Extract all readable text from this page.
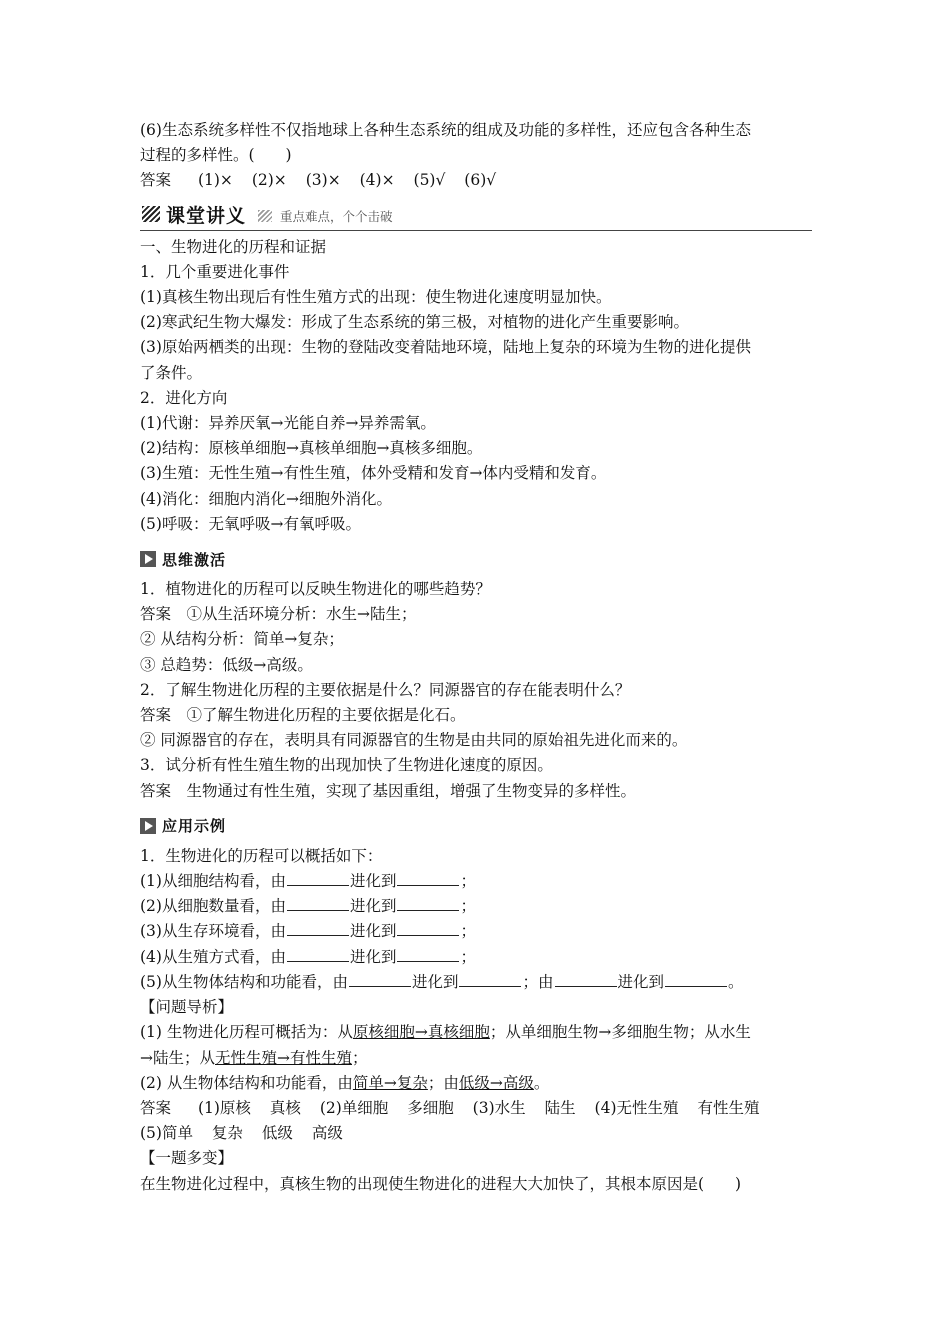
(6)生态系统多样性不仅指地球上各种生态系统的组成及功能的多样性，还应包含各种生态
过程的多样性。(　　)
答案 (1)× (2)× (3)× (4)× (5)√ (6)√
课堂讲义	重点难点，个个击破
一、生物进化的历程和证据
1．几个重要进化事件
(1)真核生物出现后有性生殖方式的出现：使生物进化速度明显加快。
(2)寒武纪生物大爆发：形成了生态系统的第三极，对植物的进化产生重要影响。
(3)原始两栖类的出现：生物的登陆改变着陆地环境，陆地上复杂的环境为生物的进化提供
了条件。
2．进化方向
(1)代谢：异养厌氧→光能自养→异养需氧。
(2)结构：原核单细胞→真核单细胞→真核多细胞。
(3)生殖：无性生殖→有性生殖，体外受精和发育→体内受精和发育。
(4)消化：细胞内消化→细胞外消化。
(5)呼吸：无氧呼吸→有氧呼吸。
思维激活
1．植物进化的历程可以反映生物进化的哪些趋势？
答案　①从生活环境分析：水生→陆生；
② 从结构分析：简单→复杂；
③ 总趋势：低级→高级。
2．了解生物进化历程的主要依据是什么？同源器官的存在能表明什么？
答案　①了解生物进化历程的主要依据是化石。
② 同源器官的存在，表明具有同源器官的生物是由共同的原始祖先进化而来的。
3．试分析有性生殖生物的出现加快了生物进化速度的原因。
答案　生物通过有性生殖，实现了基因重组，增强了生物变异的多样性。
应用示例
1．生物进化的历程可以概括如下：
(1)从细胞结构看，由	进化到	；
(2)从细胞数量看，由	进化到	；
(3)从生存环境看，由	进化到	；
(4)从生殖方式看，由	进化到	；
(5)从生物体结构和功能看，由	进化到	；由	进化到	。
【问题导析】
(1) 生物进化历程可概括为：从原核细胞→真核细胞；从单细胞生物→多细胞生物；从水生
→陆生；从无性生殖→有性生殖；
(2) 从生物体结构和功能看，由简单→复杂；由低级→高级。
答案 (1)原核 真核 (2)单细胞 多细胞 (3)水生 陆生 (4)无性生殖 有性生殖
(5)简单 复杂 低级 高级
【一题多变】
在生物进化过程中，真核生物的出现使生物进化的进程大大加快了，其根本原因是(　　)
